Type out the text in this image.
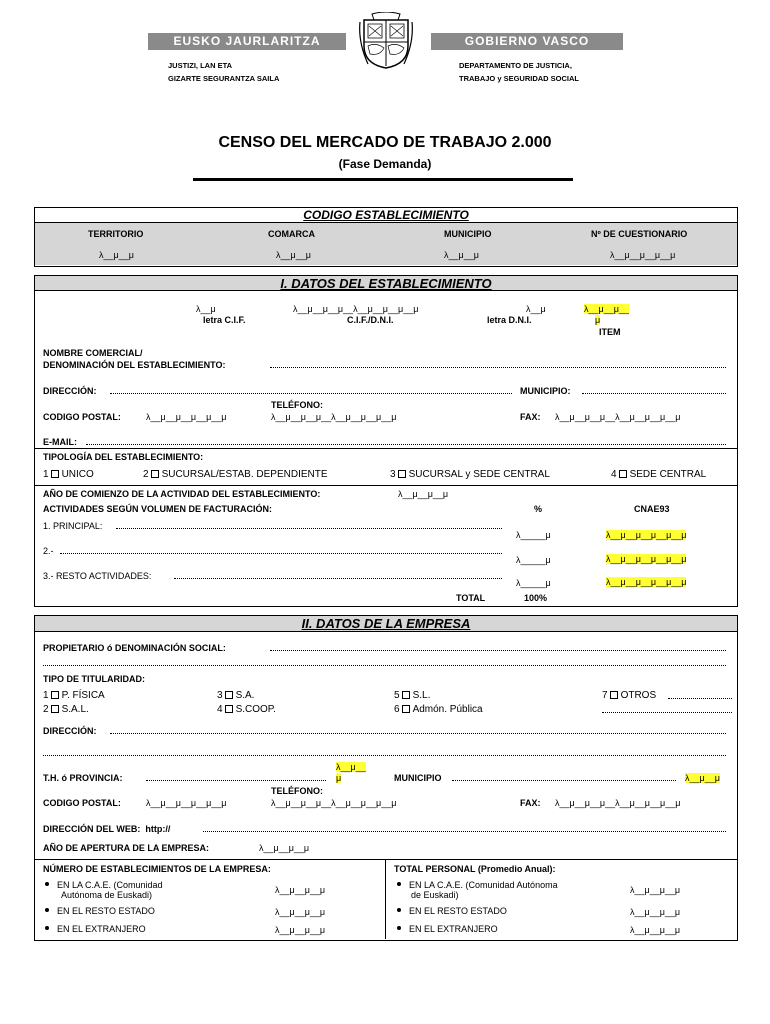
EUSKO JAURLARITZA	GOBIERNO VASCO
JUSTIZI, LAN ETA
GIZARTE SEGURANTZA SAILA
DEPARTAMENTO DE JUSTICIA,
TRABAJO y SEGURIDAD SOCIAL
CENSO DEL MERCADO DE TRABAJO 2.000
(Fase Demanda)
CODIGO ESTABLECIMIENTO
TERRITORIO	COMARCA	MUNICIPIO	Nº DE CUESTIONARIO
λ__μ__μ	λ__μ__μ	λ__μ__μ	λ__μ__μ__μ__μ
I. DATOS DEL ESTABLECIMIENTO
λ__μ
letra C.I.F.
λ__μ__μ__μ__λ__μ__μ__μ__μ
C.I.F./D.N.I.
λ__μ
letra D.N.I.
λ__μ__μ__
μ
ITEM
NOMBRE COMERCIAL/
DENOMINACIÓN DEL ESTABLECIMIENTO:
DIRECCIÓN:	MUNICIPIO:
TELÉFONO:
CODIGO POSTAL:	λ__μ__μ__μ__μ__μ	λ__μ__μ__μ__λ__μ__μ__μ__μ	FAX: λ__μ__μ__μ__λ__μ__μ__μ__μ
E-MAIL:
TIPOLOGÍA DEL ESTABLECIMIENTO:
1 UNICO	2 SUCURSAL/ESTAB. DEPENDIENTE	3 SUCURSAL y SEDE CENTRAL	4 SEDE CENTRAL
AÑO DE COMIENZO DE LA ACTIVIDAD DEL ESTABLECIMIENTO:	λ__μ__μ__μ
ACTIVIDADES SEGÚN VOLUMEN DE FACTURACIÓN:	%	CNAE93
1. PRINCIPAL:
λ_____μ	λ__μ__μ__μ__μ__μ
2.-
λ_____μ	λ__μ__μ__μ__μ__μ
3.- RESTO ACTIVIDADES:
λ_____μ	λ__μ__μ__μ__μ__μ
TOTAL	100%
II. DATOS DE LA EMPRESA
PROPIETARIO ó DENOMINACIÓN SOCIAL:
TIPO DE TITULARIDAD:
1 P. FÍSICA	3 S.A.	5 S.L.	7 OTROS
2 S.A.L.	4 S.COOP.	6 Admón. Pública
DIRECCIÓN:
λ__μ__
μ
T.H. ó PROVINCIA:	MUNICIPIO	λ__μ__μ
TELÉFONO:
CODIGO POSTAL:	λ__μ__μ__μ__μ__μ	λ__μ__μ__μ__λ__μ__μ__μ__μ	FAX: λ__μ__μ__μ__λ__μ__μ__μ__μ
DIRECCIÓN DEL WEB: http://
AÑO DE APERTURA DE LA EMPRESA:	λ__μ__μ__μ
NÚMERO DE ESTABLECIMIENTOS DE LA EMPRESA:	TOTAL PERSONAL (Promedio Anual):
EN LA C.A.E. (Comunidad
Autónoma de Euskadi)	λ__μ__μ__μ
EN EL RESTO ESTADO	λ__μ__μ__μ
EN EL EXTRANJERO	λ__μ__μ__μ
EN LA C.A.E. (Comunidad Autónoma
de Euskadi)	λ__μ__μ__μ
EN EL RESTO ESTADO	λ__μ__μ__μ
EN EL EXTRANJERO	λ__μ__μ__μ
